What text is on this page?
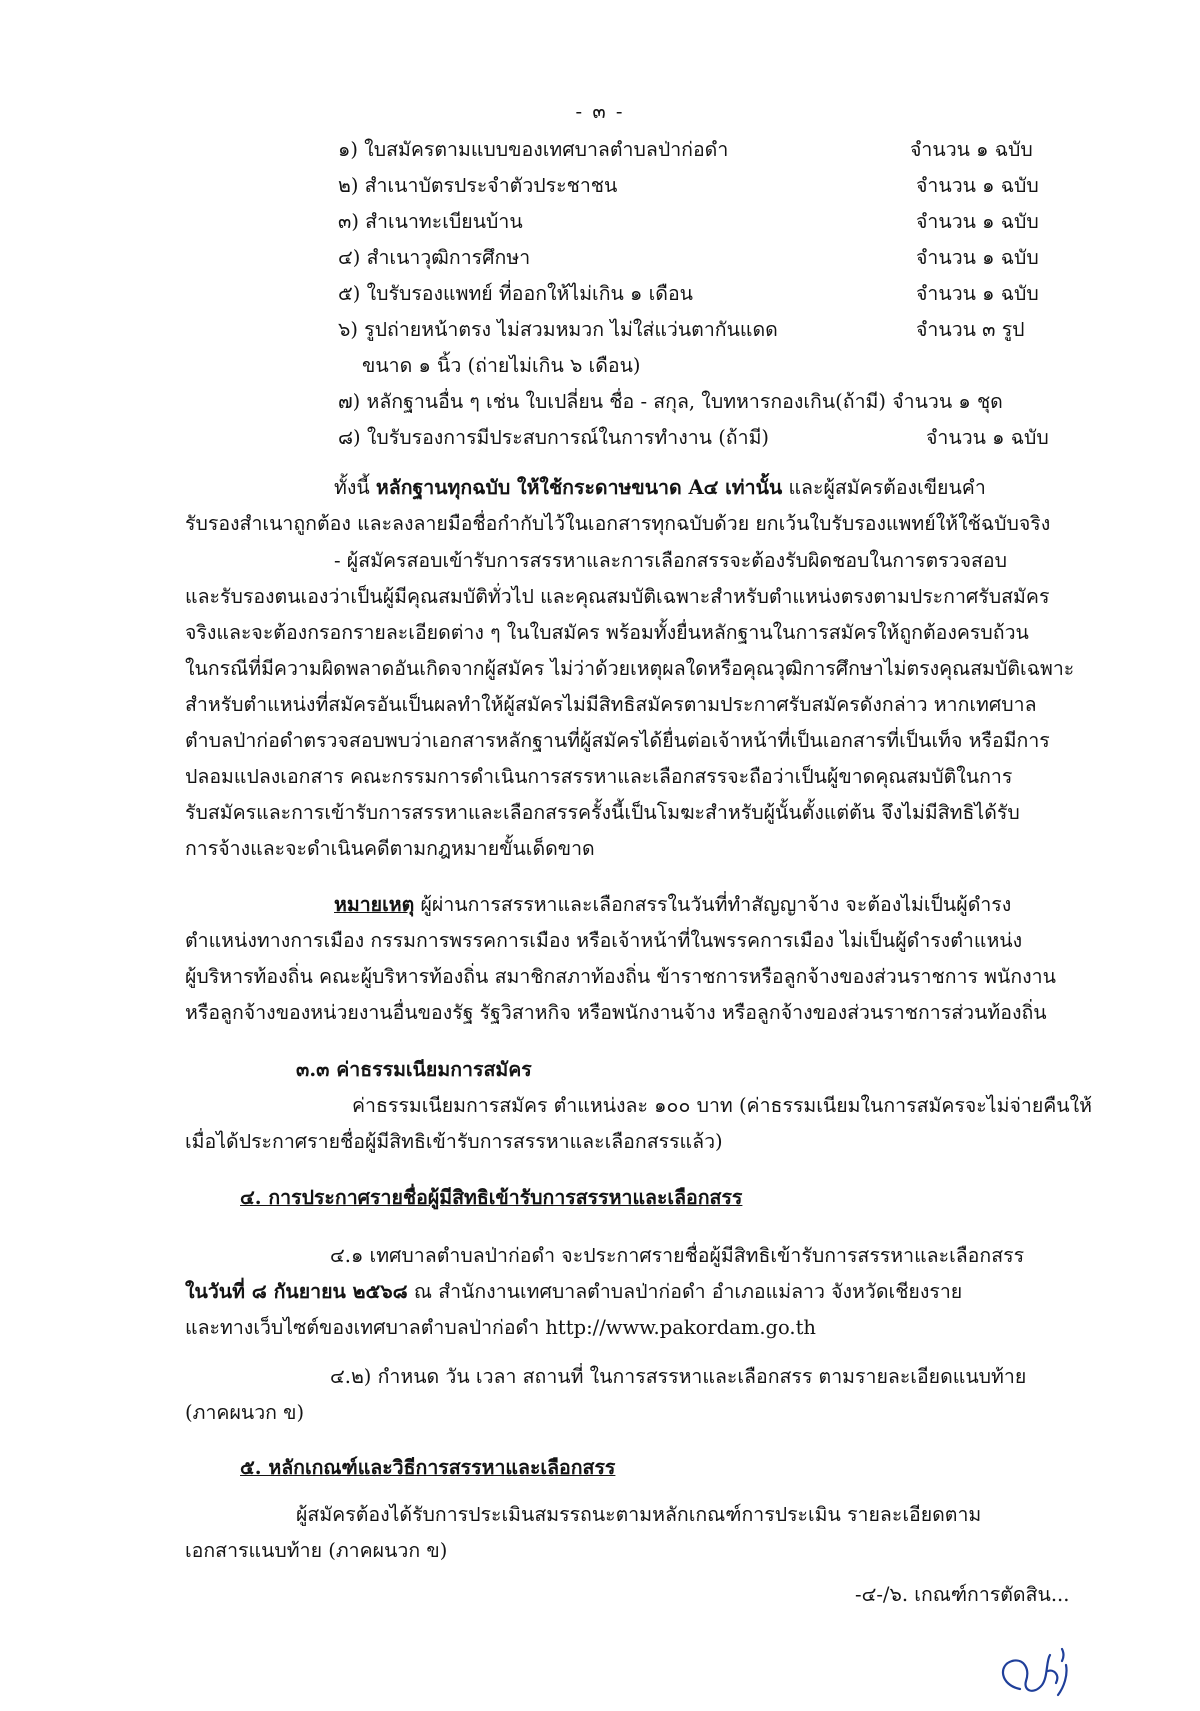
- ๓ -
๑) ใบสมัครตามแบบของเทศบาลตำบลป่าก่อดำ	จำนวน ๑ ฉบับ
๒) สำเนาบัตรประจำตัวประชาชน	จำนวน ๑ ฉบับ
๓) สำเนาทะเบียนบ้าน	จำนวน ๑ ฉบับ
๔) สำเนาวุฒิการศึกษา	จำนวน ๑ ฉบับ
๕) ใบรับรองแพทย์ ที่ออกให้ไม่เกิน ๑ เดือน	จำนวน ๑ ฉบับ
๖) รูปถ่ายหน้าตรง ไม่สวมหมวก ไม่ใส่แว่นตากันแดด	จำนวน ๓ รูป
ขนาด ๑ นิ้ว (ถ่ายไม่เกิน ๖ เดือน)
๗) หลักฐานอื่น ๆ เช่น ใบเปลี่ยน ชื่อ - สกุล, ใบทหารกองเกิน(ถ้ามี) จำนวน ๑ ชุด
๘) ใบรับรองการมีประสบการณ์ในการทำงาน (ถ้ามี)	จำนวน ๑ ฉบับ
ทั้งนี้ หลักฐานทุกฉบับ ให้ใช้กระดาษขนาด A๔ เท่านั้น และผู้สมัครต้องเขียนคำ
รับรองสำเนาถูกต้อง และลงลายมือชื่อกำกับไว้ในเอกสารทุกฉบับด้วย ยกเว้นใบรับรองแพทย์ให้ใช้ฉบับจริง
- ผู้สมัครสอบเข้ารับการสรรหาและการเลือกสรรจะต้องรับผิดชอบในการตรวจสอบ
และรับรองตนเองว่าเป็นผู้มีคุณสมบัติทั่วไป และคุณสมบัติเฉพาะสำหรับตำแหน่งตรงตามประกาศรับสมัคร
จริงและจะต้องกรอกรายละเอียดต่าง ๆ ในใบสมัคร พร้อมทั้งยื่นหลักฐานในการสมัครให้ถูกต้องครบถ้วน
ในกรณีที่มีความผิดพลาดอันเกิดจากผู้สมัคร ไม่ว่าด้วยเหตุผลใดหรือคุณวุฒิการศึกษาไม่ตรงคุณสมบัติเฉพาะ
สำหรับตำแหน่งที่สมัครอันเป็นผลทำให้ผู้สมัครไม่มีสิทธิสมัครตามประกาศรับสมัครดังกล่าว หากเทศบาล
ตำบลป่าก่อดำตรวจสอบพบว่าเอกสารหลักฐานที่ผู้สมัครได้ยื่นต่อเจ้าหน้าที่เป็นเอกสารที่เป็นเท็จ หรือมีการ
ปลอมแปลงเอกสาร คณะกรรมการดำเนินการสรรหาและเลือกสรรจะถือว่าเป็นผู้ขาดคุณสมบัติในการ
รับสมัครและการเข้ารับการสรรหาและเลือกสรรครั้งนี้เป็นโมฆะสำหรับผู้นั้นตั้งแต่ต้น จึงไม่มีสิทธิได้รับ
การจ้างและจะดำเนินคดีตามกฎหมายขั้นเด็ดขาด
หมายเหตุ ผู้ผ่านการสรรหาและเลือกสรรในวันที่ทำสัญญาจ้าง จะต้องไม่เป็นผู้ดำรง
ตำแหน่งทางการเมือง กรรมการพรรคการเมือง หรือเจ้าหน้าที่ในพรรคการเมือง ไม่เป็นผู้ดำรงตำแหน่ง
ผู้บริหารท้องถิ่น คณะผู้บริหารท้องถิ่น สมาชิกสภาท้องถิ่น ข้าราชการหรือลูกจ้างของส่วนราชการ พนักงาน
หรือลูกจ้างของหน่วยงานอื่นของรัฐ รัฐวิสาหกิจ หรือพนักงานจ้าง หรือลูกจ้างของส่วนราชการส่วนท้องถิ่น
๓.๓ ค่าธรรมเนียมการสมัคร
ค่าธรรมเนียมการสมัคร ตำแหน่งละ ๑๐๐ บาท (ค่าธรรมเนียมในการสมัครจะไม่จ่ายคืนให้
เมื่อได้ประกาศรายชื่อผู้มีสิทธิเข้ารับการสรรหาและเลือกสรรแล้ว)
๔. การประกาศรายชื่อผู้มีสิทธิเข้ารับการสรรหาและเลือกสรร
๔.๑ เทศบาลตำบลป่าก่อดำ จะประกาศรายชื่อผู้มีสิทธิเข้ารับการสรรหาและเลือกสรร
ในวันที่ ๘ กันยายน ๒๕๖๘ ณ สำนักงานเทศบาลตำบลป่าก่อดำ อำเภอแม่ลาว จังหวัดเชียงราย
และทางเว็บไซต์ของเทศบาลตำบลป่าก่อดำ http://www.pakordam.go.th
๔.๒) กำหนด วัน เวลา สถานที่ ในการสรรหาและเลือกสรร ตามรายละเอียดแนบท้าย
(ภาคผนวก ข)
๕. หลักเกณฑ์และวิธีการสรรหาและเลือกสรร
ผู้สมัครต้องได้รับการประเมินสมรรถนะตามหลักเกณฑ์การประเมิน รายละเอียดตาม
เอกสารแนบท้าย (ภาคผนวก ข)
-๔-/๖. เกณฑ์การตัดสิน...
